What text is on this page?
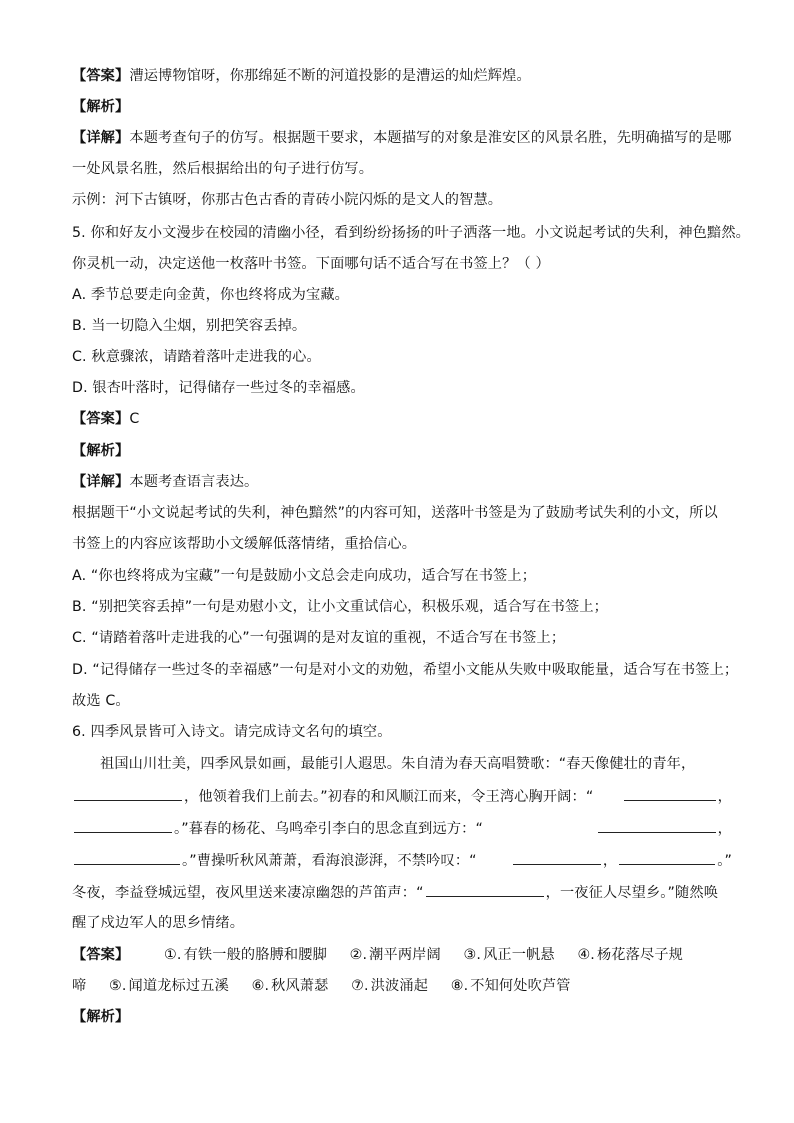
【答案】漕运博物馆呀，你那绵延不断的河道投影的是漕运的灿烂辉煌。
【解析】
【详解】本题考查句子的仿写。根据题干要求，本题描写的对象是淮安区的风景名胜，先明确描写的是哪
一处风景名胜，然后根据给出的句子进行仿写。
示例：河下古镇呀，你那古色古香的青砖小院闪烁的是文人的智慧。
5. 你和好友小文漫步在校园的清幽小径，看到纷纷扬扬的叶子洒落一地。小文说起考试的失利，神色黯然。
你灵机一动，决定送他一枚落叶书签。下面哪句话不适合写在书签上？（ ）
A. 季节总要走向金黄，你也终将成为宝藏。
B. 当一切隐入尘烟，别把笑容丢掉。
C. 秋意骤浓，请踏着落叶走进我的心。
D. 银杏叶落时，记得储存一些过冬的幸福感。
【答案】C
【解析】
【详解】本题考查语言表达。
根据题干“小文说起考试的失利，神色黯然”的内容可知，送落叶书签是为了鼓励考试失利的小文，所以
书签上的内容应该帮助小文缓解低落情绪，重拾信心。
A. “你也终将成为宝藏”一句是鼓励小文总会走向成功，适合写在书签上；
B. “别把笑容丢掉”一句是劝慰小文，让小文重试信心，积极乐观，适合写在书签上；
C. “请踏着落叶走进我的心”一句强调的是对友谊的重视，不适合写在书签上；
D. “记得储存一些过冬的幸福感”一句是对小文的劝勉，希望小文能从失败中吸取能量，适合写在书签上；
故选 C。
6. 四季风景皆可入诗文。请完成诗文名句的填空。
祖国山川壮美，四季风景如画，最能引人遐思。朱自清为春天高唱赞歌：“春天像健壮的青年，
，他领着我们上前去。”初春的和风顺江而来，令王湾心胸开阔：“	，
。”暮春的杨花、乌鸣牵引李白的思念直到远方：“	，
。”曹操听秋风萧萧，看海浪澎湃，不禁吟叹：“	，	。”
冬夜，李益登城远望，夜风里送来凄凉幽怨的芦笛声：“	，一夜征人尽望乡。”随然唤
醒了戍边军人的思乡情绪。
【答案】 ①. 有铁一般的胳膊和腰脚 ②. 潮平两岸阔 ③. 风正一帆悬 ④. 杨花落尽子规
啼 ⑤. 闻道龙标过五溪 ⑥. 秋风萧瑟 ⑦. 洪波涌起 ⑧. 不知何处吹芦管
【解析】
